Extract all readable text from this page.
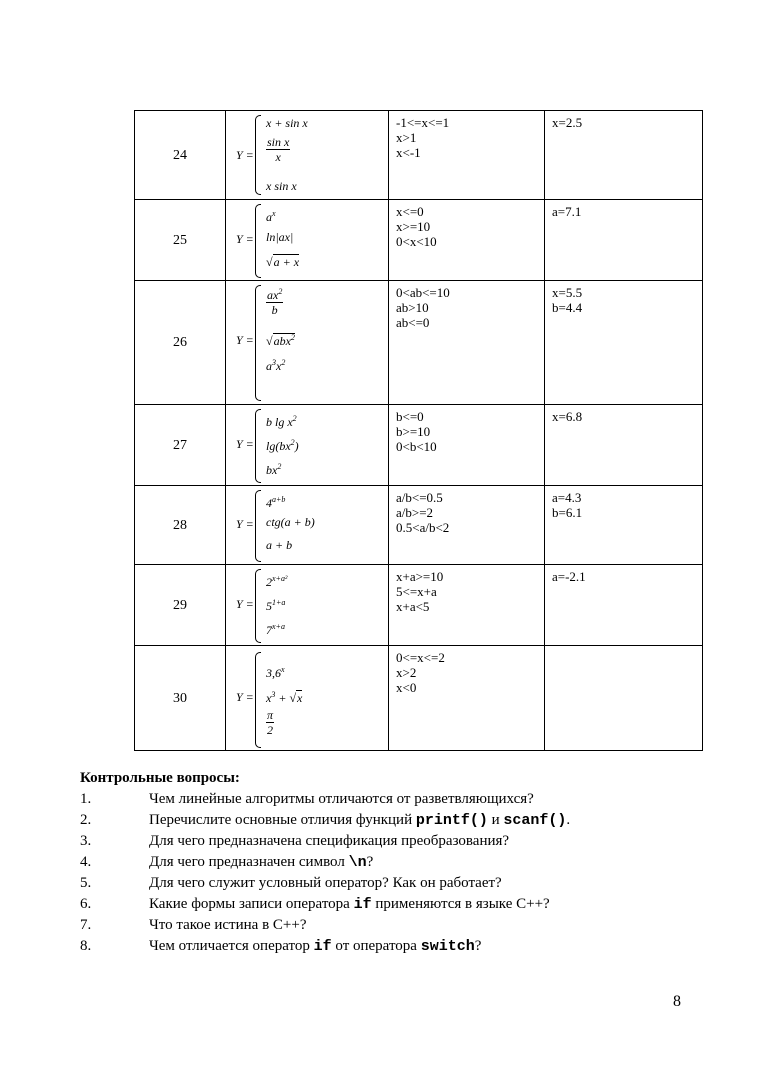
24	Y =
x + sin x
$\frac{\text{sin x}}{x}$
x sin x	-1<=x<=1
x>1
x<-1	x=2.5

25	Y =
$a^x$
ln|ax|
√a + x	x<=0
x>=10
0<x<10	a=7.1

26	Y =
$\frac{ax^2}{b}$
√abx$^2$
$a^3x^2$	0<ab<=10
ab>10
ab<=0	x=5.5
b=4.4

27	Y =
b $\lg x^2$
$\lg(bx^2)$
$bx^2$	b<=0
b>=10
0<b<10	x=6.8

28	Y =
$4^{a+b}$
ctg(a + b)
a + b	a/b<=0.5
a/b>=2
0.5<a/b<2	a=4.3
b=6.1

29	Y =
$2^{x+a^2}$
$5^{1+a}$
$7^{x+a}$	x+a>=10
5<=x+a
x+a<5	a=-2.1

30	Y =
$3,6^x$
$x^3 + √x$
$\frac{\pi}{2}$	0<=x<=2
x>2
x<0	

Контрольные вопросы:
1.	Чем линейные алгоритмы отличаются от разветвляющихся?
2.	Перечислите основные отличия функций printf() и scanf().
3.	Для чего предназначена спецификация преобразования?
4.	Для чего предназначен символ \n?
5.	Для чего служит условный оператор? Как он работает?
6.	Какие формы записи оператора if применяются в языке С++?
7.	Что такое истина в С++?
8.	Чем отличается оператор if от оператора switch?
8
